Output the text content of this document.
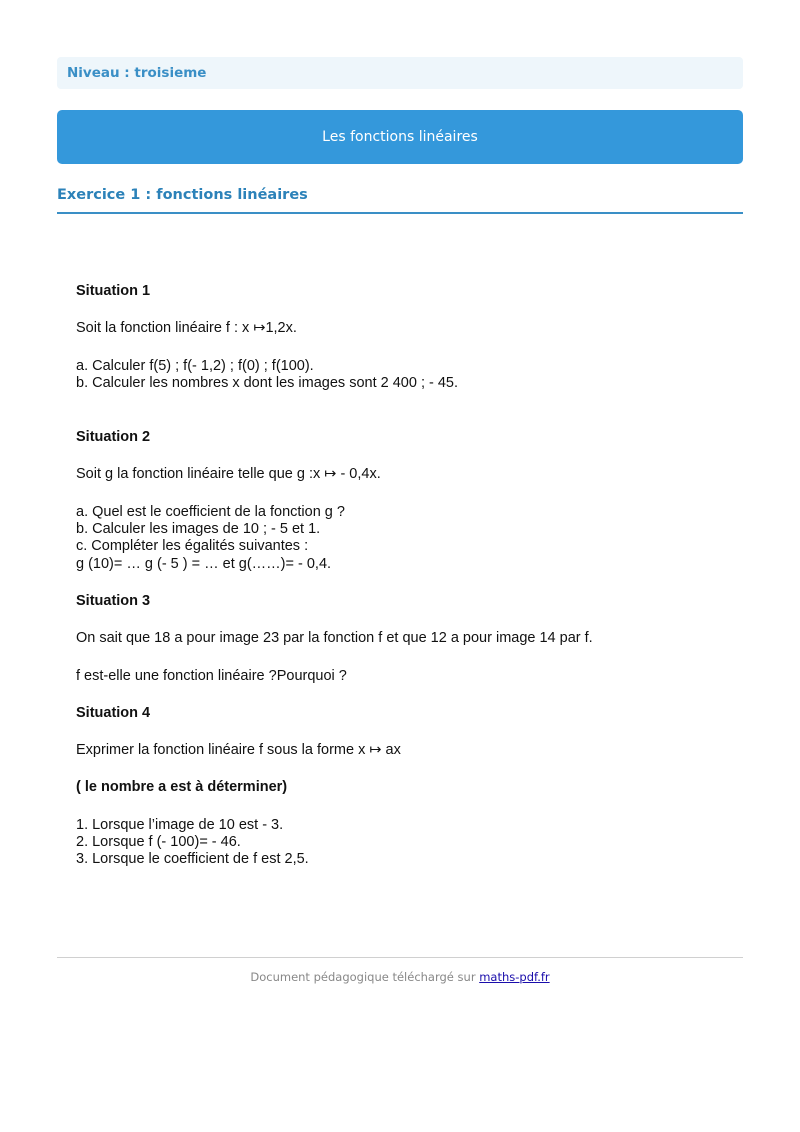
Niveau : troisieme
Les fonctions linéaires
Exercice 1 : fonctions linéaires

Situation 1

Soit la fonction linéaire f : x ↦1,2x.

a. Calculer f(5) ; f(- 1,2) ; f(0) ; f(100).

b. Calculer les nombres x dont les images sont 2 400 ; - 45.

Situation 2

Soit g la fonction linéaire telle que g :x ↦ - 0,4x.

a. Quel est le coefficient de la fonction g ?

b. Calculer les images de 10 ; - 5 et 1.

c. Compléter les égalités suivantes :

g (10)= … g (- 5 ) = … et g(……)= - 0,4.

Situation 3

On sait que 18 a pour image 23 par la fonction f et que 12 a pour image 14 par f.

f est-elle une fonction linéaire ?Pourquoi ?

Situation 4

Exprimer la fonction linéaire f sous la forme x ↦ ax

( le nombre a est à déterminer)

1. Lorsque l’image de 10 est - 3.

2. Lorsque f (- 100)= - 46.

3. Lorsque le coefficient de f est 2,5.

Document pédagogique téléchargé sur maths-pdf.fr
